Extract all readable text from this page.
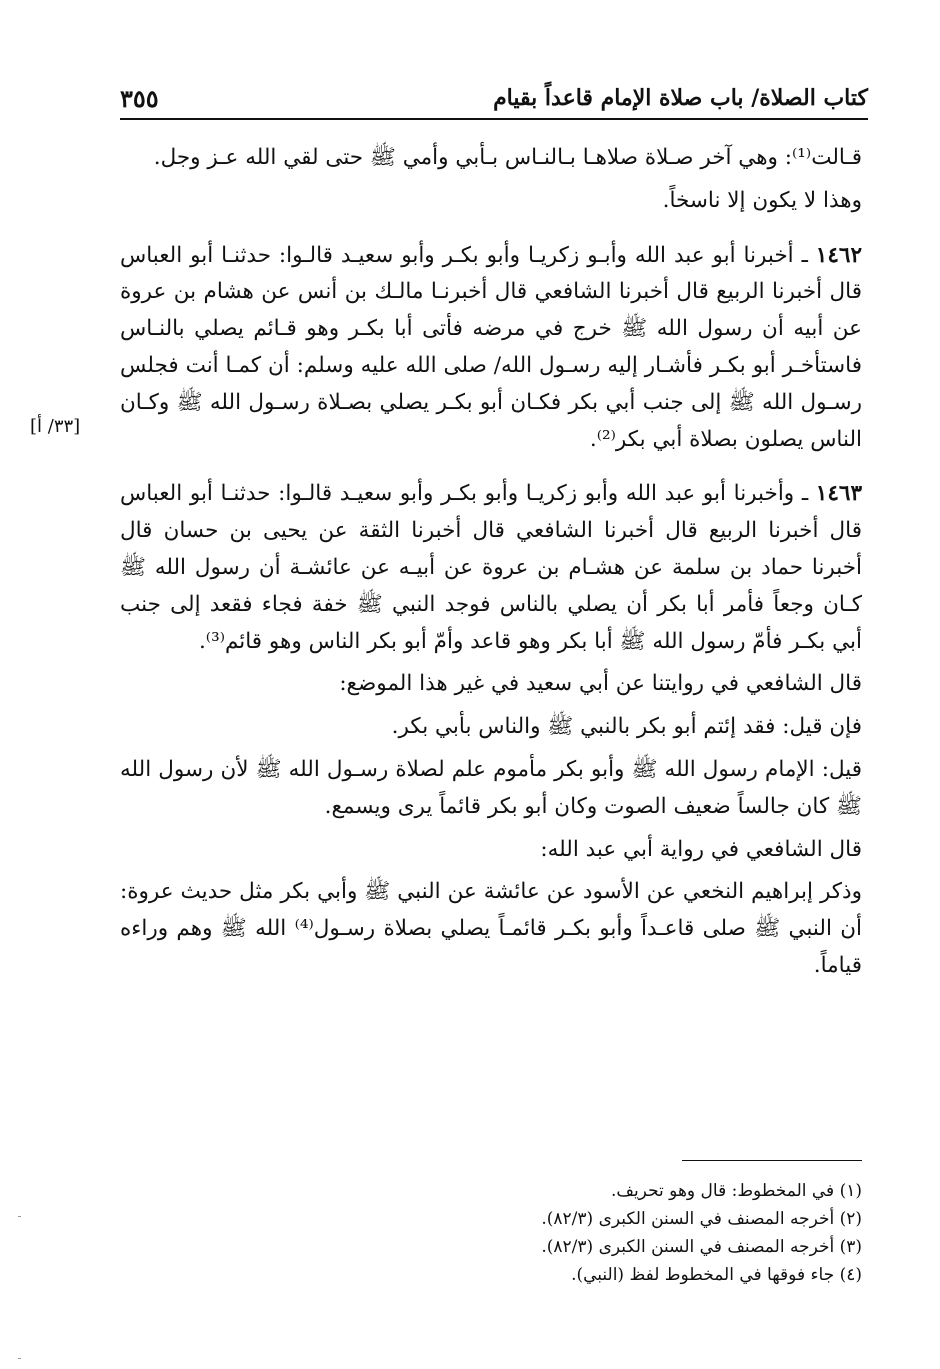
كتاب الصلاة/ باب صلاة الإمام قاعداً بقيام
٣٥٥
[٣٣/ أ]

قـالت⁽¹⁾: وهي آخر صـلاة صلاهـا بـالنـاس بـأبي وأمي ﷺ حتى لقي الله عـز وجل.

وهذا لا يكون إلا ناسخاً.

١٤٦٢ ـ أخبرنا أبو عبد الله وأبـو زكريـا وأبو بكـر وأبو سعيـد قالـوا: حدثنـا أبو العباس قال أخبرنا الربيع قال أخبرنا الشافعي قال أخبرنـا مالـك بن أنس عن هشام بن عروة عن أبيه أن رسول الله ﷺ خرج في مرضه فأتى أبا بكـر وهو قـائم يصلي بالنـاس فاستأخـر أبو بكـر فأشـار إليه رسـول الله/ صلى الله عليه وسلم: أن كمـا أنت فجلس رسـول الله ﷺ إلى جنب أبي بكر فكـان أبو بكـر يصلي بصـلاة رسـول الله ﷺ وكـان الناس يصلون بصلاة أبي بكر⁽²⁾.

١٤٦٣ ـ وأخبرنا أبو عبد الله وأبو زكريـا وأبو بكـر وأبو سعيـد قالـوا: حدثنـا أبو العباس قال أخبرنا الربيع قال أخبرنا الشافعي قال أخبرنا الثقة عن يحيى بن حسان قال أخبرنا حماد بن سلمة عن هشـام بن عروة عن أبيـه عن عائشـة أن رسول الله ﷺ كـان وجعاً فأمر أبا بكر أن يصلي بالناس فوجد النبي ﷺ خفة فجاء فقعد إلى جنب أبي بكـر فأمّ رسول الله ﷺ أبا بكر وهو قاعد وأمّ أبو بكر الناس وهو قائم⁽³⁾.

قال الشافعي في روايتنا عن أبي سعيد في غير هذا الموضع:

فإن قيل: فقد إئتم أبو بكر بالنبي ﷺ والناس بأبي بكر.

قيل: الإمام رسول الله ﷺ وأبو بكر مأموم علم لصلاة رسـول الله ﷺ لأن رسول الله ﷺ كان جالساً ضعيف الصوت وكان أبو بكر قائماً يرى ويسمع.

قال الشافعي في رواية أبي عبد الله:

وذكر إبراهيم النخعي عن الأسود عن عائشة عن النبي ﷺ وأبي بكر مثل حديث عروة: أن النبي ﷺ صلى قاعـداً وأبو بكـر قائمـاً يصلي بصلاة رسـول⁽⁴⁾ الله ﷺ وهم وراءه قياماً.

(١) في المخطوط: قال وهو تحريف.

(٢) أخرجه المصنف في السنن الكبرى (٨٢/٣).

(٣) أخرجه المصنف في السنن الكبرى (٨٢/٣).

(٤) جاء فوقها في المخطوط لفظ (النبي).
